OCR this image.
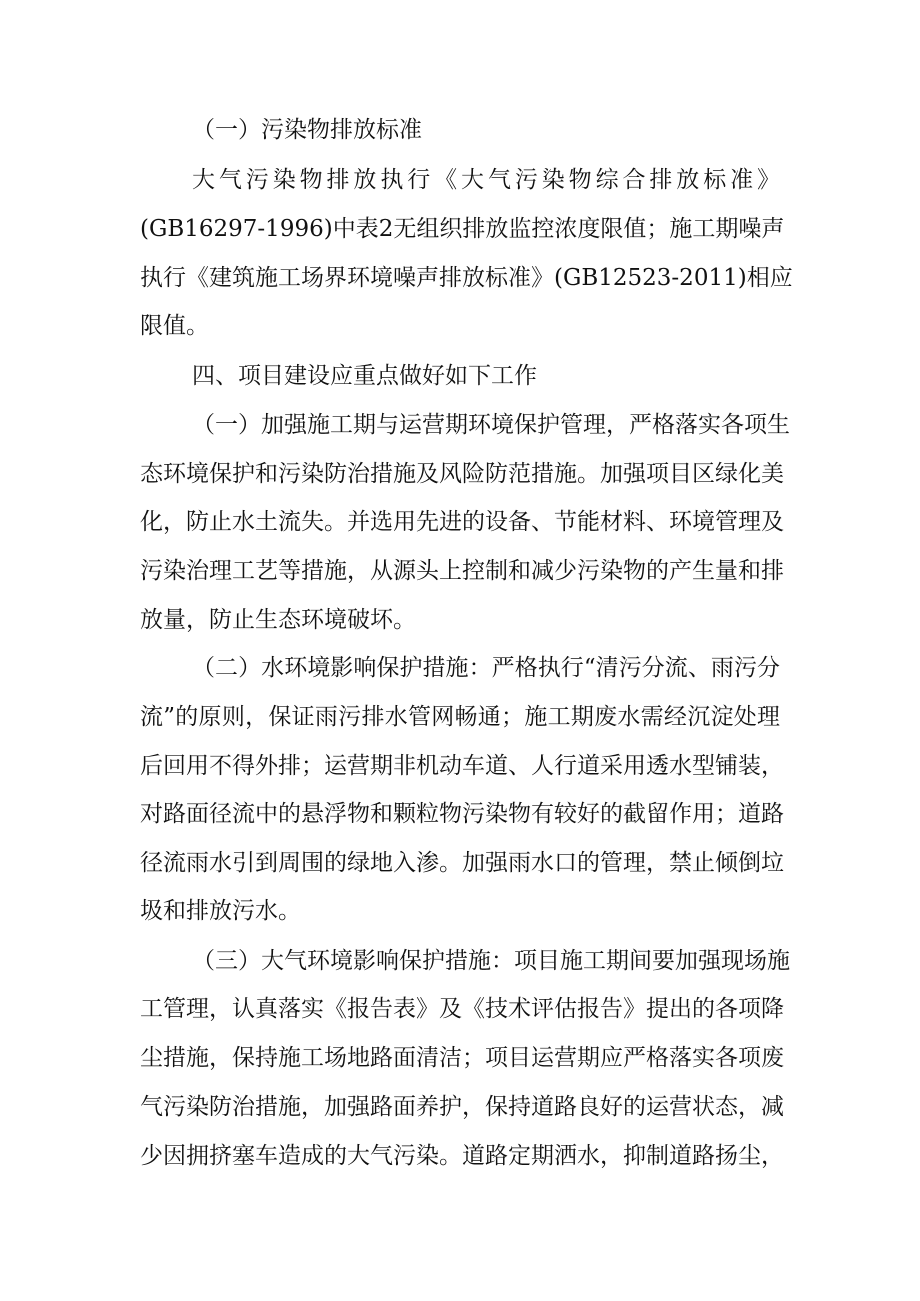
（一）污染物排放标准

大气污染物排放执行《大气污染物综合排放标准》

(GB16297-1996)中表2无组织排放监控浓度限值；施工期噪声

执行《建筑施工场界环境噪声排放标准》(GB12523-2011)相应

限值。

四、项目建设应重点做好如下工作

（一）加强施工期与运营期环境保护管理，严格落实各项生

态环境保护和污染防治措施及风险防范措施。加强项目区绿化美

化，防止水土流失。并选用先进的设备、节能材料、环境管理及

污染治理工艺等措施，从源头上控制和减少污染物的产生量和排

放量，防止生态环境破坏。

（二）水环境影响保护措施：严格执行“清污分流、雨污分

流”的原则，保证雨污排水管网畅通；施工期废水需经沉淀处理

后回用不得外排；运营期非机动车道、人行道采用透水型铺装，

对路面径流中的悬浮物和颗粒物污染物有较好的截留作用；道路

径流雨水引到周围的绿地入渗。加强雨水口的管理，禁止倾倒垃

圾和排放污水。

（三）大气环境影响保护措施：项目施工期间要加强现场施

工管理，认真落实《报告表》及《技术评估报告》提出的各项降

尘措施，保持施工场地路面清洁；项目运营期应严格落实各项废

气污染防治措施，加强路面养护，保持道路良好的运营状态，减

少因拥挤塞车造成的大气污染。道路定期洒水，抑制道路扬尘，
